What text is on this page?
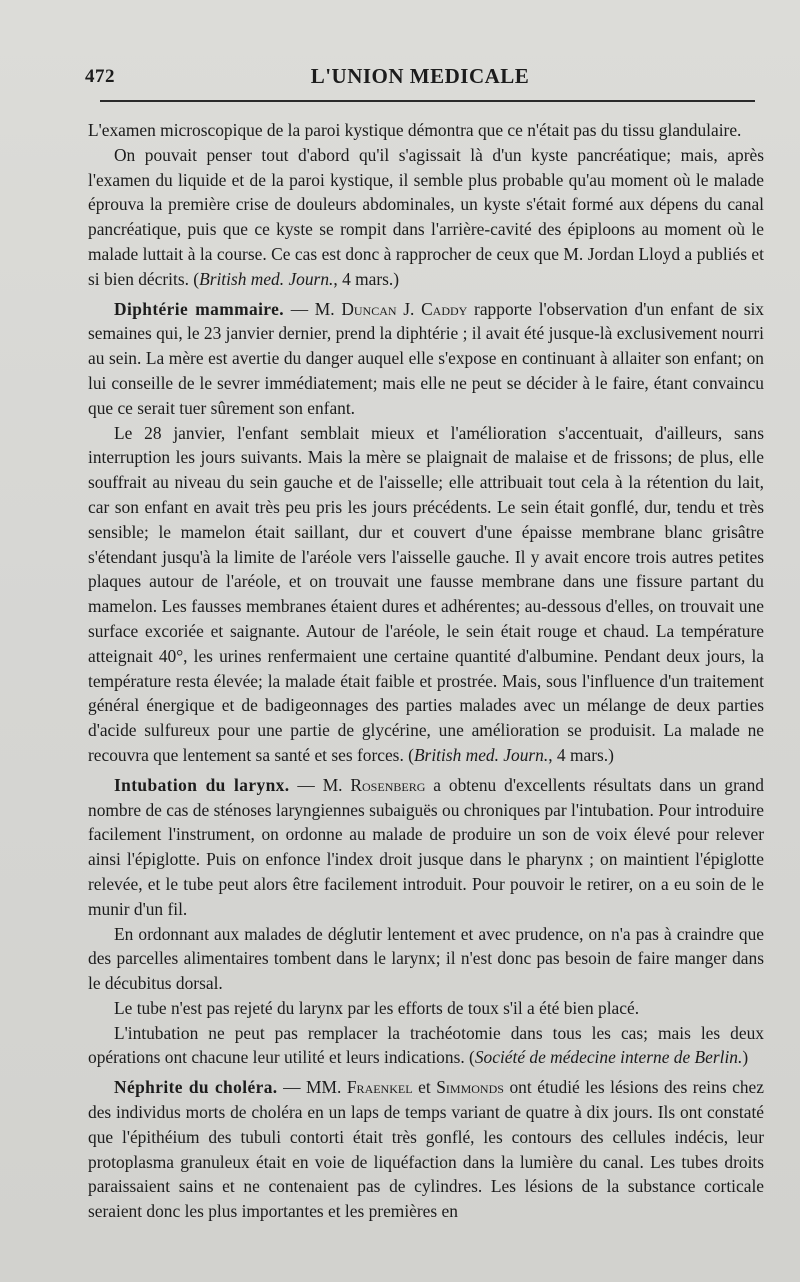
472	L'UNION MEDICALE

L'examen microscopique de la paroi kystique démontra que ce n'était pas du tissu glandulaire.

On pouvait penser tout d'abord qu'il s'agissait là d'un kyste pancréatique; mais, après l'examen du liquide et de la paroi kystique, il semble plus probable qu'au moment où le malade éprouva la première crise de douleurs abdominales, un kyste s'était formé aux dépens du canal pancréatique, puis que ce kyste se rompit dans l'arrière-cavité des épiploons au moment où le malade luttait à la course. Ce cas est donc à rapprocher de ceux que M. Jordan Lloyd a publiés et si bien décrits. (British med. Journ., 4 mars.)

Diphtérie mammaire. — M. Duncan J. Caddy rapporte l'observation d'un enfant de six semaines qui, le 23 janvier dernier, prend la diphtérie ; il avait été jusque-là exclusivement nourri au sein. La mère est avertie du danger auquel elle s'expose en continuant à allaiter son enfant; on lui conseille de le sevrer immédiatement; mais elle ne peut se décider à le faire, étant convaincu que ce serait tuer sûrement son enfant.

Le 28 janvier, l'enfant semblait mieux et l'amélioration s'accentuait, d'ailleurs, sans interruption les jours suivants. Mais la mère se plaignait de malaise et de frissons; de plus, elle souffrait au niveau du sein gauche et de l'aisselle; elle attribuait tout cela à la rétention du lait, car son enfant en avait très peu pris les jours précédents. Le sein était gonflé, dur, tendu et très sensible; le mamelon était saillant, dur et couvert d'une épaisse membrane blanc grisâtre s'étendant jusqu'à la limite de l'aréole vers l'aisselle gauche. Il y avait encore trois autres petites plaques autour de l'aréole, et on trouvait une fausse membrane dans une fissure partant du mamelon. Les fausses membranes étaient dures et adhérentes; au-dessous d'elles, on trouvait une surface excoriée et saignante. Autour de l'aréole, le sein était rouge et chaud. La température atteignait 40°, les urines renfermaient une certaine quantité d'albumine. Pendant deux jours, la température resta élevée; la malade était faible et prostrée. Mais, sous l'influence d'un traitement général énergique et de badigeonnages des parties malades avec un mélange de deux parties d'acide sulfureux pour une partie de glycérine, une amélioration se produisit. La malade ne recouvra que lentement sa santé et ses forces. (British med. Journ., 4 mars.)

Intubation du larynx. — M. Rosenberg a obtenu d'excellents résultats dans un grand nombre de cas de sténoses laryngiennes subaiguës ou chroniques par l'intubation. Pour introduire facilement l'instrument, on ordonne au malade de produire un son de voix élevé pour relever ainsi l'épiglotte. Puis on enfonce l'index droit jusque dans le pharynx ; on maintient l'épiglotte relevée, et le tube peut alors être facilement introduit. Pour pouvoir le retirer, on a eu soin de le munir d'un fil.

En ordonnant aux malades de déglutir lentement et avec prudence, on n'a pas à craindre que des parcelles alimentaires tombent dans le larynx; il n'est donc pas besoin de faire manger dans le décubitus dorsal.

Le tube n'est pas rejeté du larynx par les efforts de toux s'il a été bien placé.

L'intubation ne peut pas remplacer la trachéotomie dans tous les cas; mais les deux opérations ont chacune leur utilité et leurs indications. (Société de médecine interne de Berlin.)

Néphrite du choléra. — MM. Fraenkel et Simmonds ont étudié les lésions des reins chez des individus morts de choléra en un laps de temps variant de quatre à dix jours. Ils ont constaté que l'épithéium des tubuli contorti était très gonflé, les contours des cellules indécis, leur protoplasma granuleux était en voie de liquéfaction dans la lumière du canal. Les tubes droits paraissaient sains et ne contenaient pas de cylindres. Les lésions de la substance corticale seraient donc les plus importantes et les premières en
